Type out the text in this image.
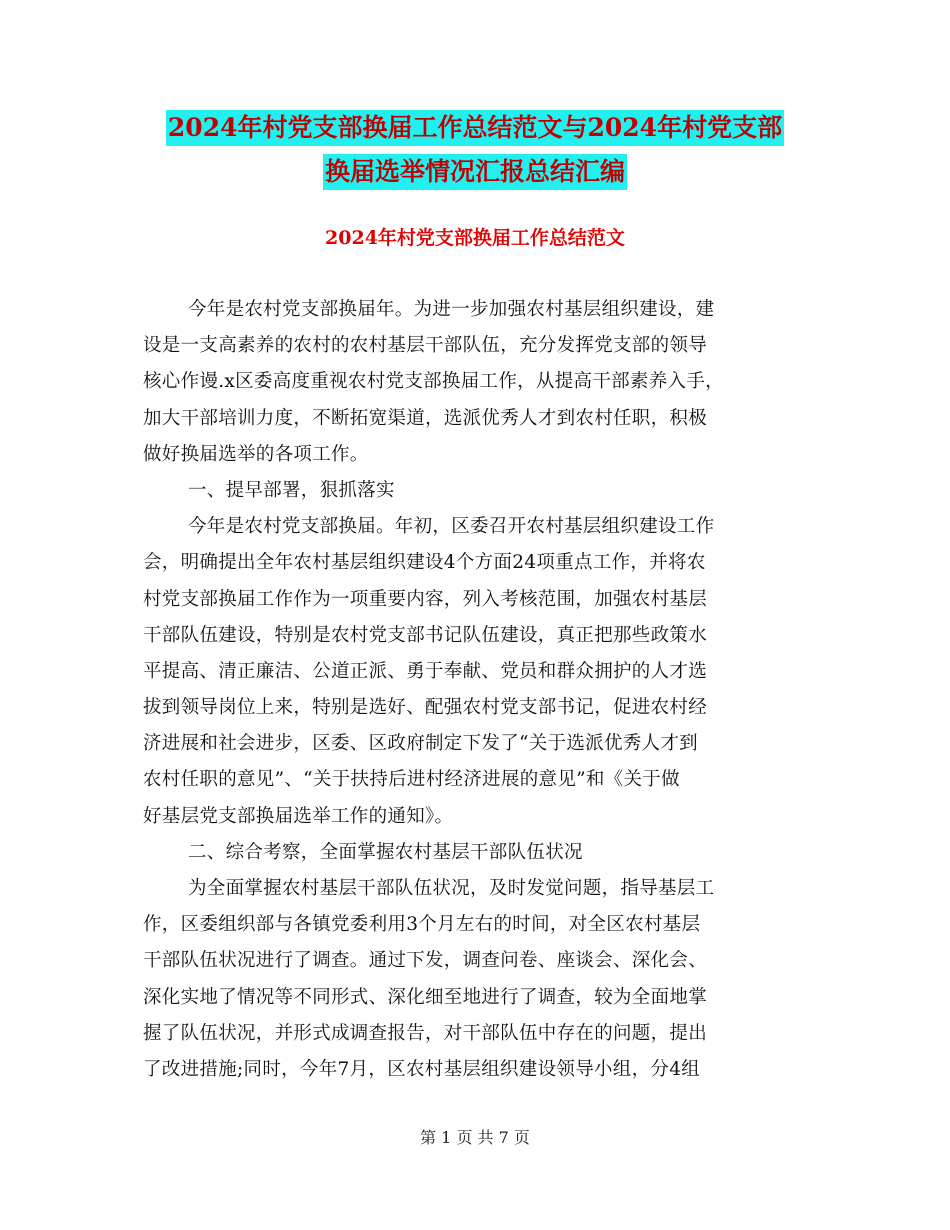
2024年村党支部换届工作总结范文与2024年村党支部
换届选举情况汇报总结汇编
2024年村党支部换届工作总结范文
今年是农村党支部换届年。为进一步加强农村基层组织建设，建
设是一支高素养的农村的农村基层干部队伍，充分发挥党支部的领导
核心作谩.x区委高度重视农村党支部换届工作，从提高干部素养入手，
加大干部培训力度，不断拓宽渠道，选派优秀人才到农村任职，积极
做好换届选举的各项工作。
一、提早部署，狠抓落实
今年是农村党支部换届。年初，区委召开农村基层组织建设工作
会，明确提出全年农村基层组织建设4个方面24项重点工作，并将农
村党支部换届工作作为一项重要内容，列入考核范围，加强农村基层
干部队伍建设，特别是农村党支部书记队伍建设，真正把那些政策水
平提高、清正廉洁、公道正派、勇于奉献、党员和群众拥护的人才选
拔到领导岗位上来，特别是选好、配强农村党支部书记，促进农村经
济进展和社会进步，区委、区政府制定下发了“关于选派优秀人才到
农村任职的意见”、“关于扶持后进村经济进展的意见”和《关于做
好基层党支部换届选举工作的通知》。
二、综合考察，全面掌握农村基层干部队伍状况
为全面掌握农村基层干部队伍状况，及时发觉问题，指导基层工
作，区委组织部与各镇党委利用3个月左右的时间，对全区农村基层
干部队伍状况进行了调查。通过下发，调查问卷、座谈会、深化会、
深化实地了情况等不同形式、深化细至地进行了调查，较为全面地掌
握了队伍状况，并形式成调查报告，对干部队伍中存在的问题，提出
了改进措施;同时，今年7月，区农村基层组织建设领导小组，分4组
第 1 页 共 7 页
